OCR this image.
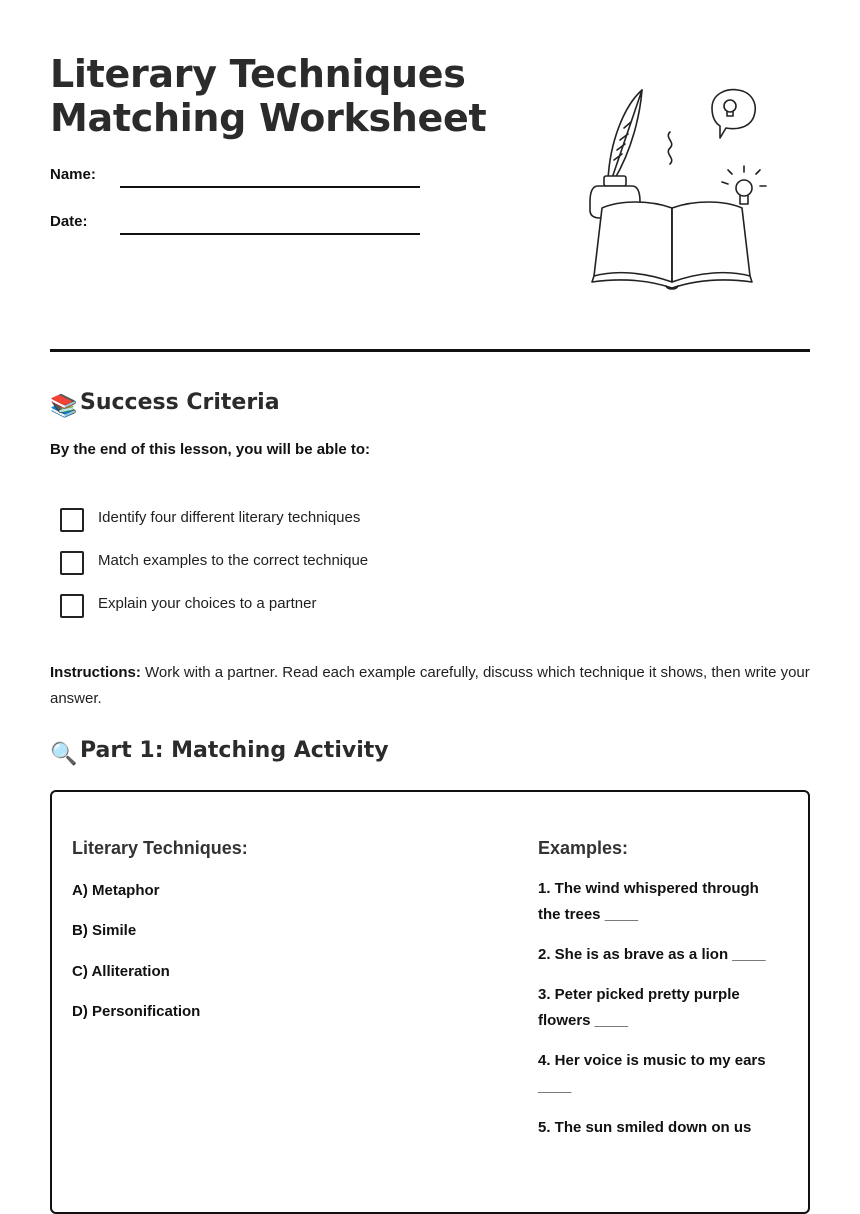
Literary Techniques
Matching Worksheet
Name:
Date:
📚 Success Criteria
By the end of this lesson, you will be able to:
Identify four different literary techniques
Match examples to the correct technique
Explain your choices to a partner
Instructions: Work with a partner. Read each example carefully, discuss which technique it shows, then write your answer.
🔍 Part 1: Matching Activity
Literary Techniques:
A) Metaphor
B) Simile
C) Alliteration
D) Personification
Examples:
1. The wind whispered through the trees ____
2. She is as brave as a lion ____
3. Peter picked pretty purple flowers ____
4. Her voice is music to my ears ____
5. The sun smiled down on us
